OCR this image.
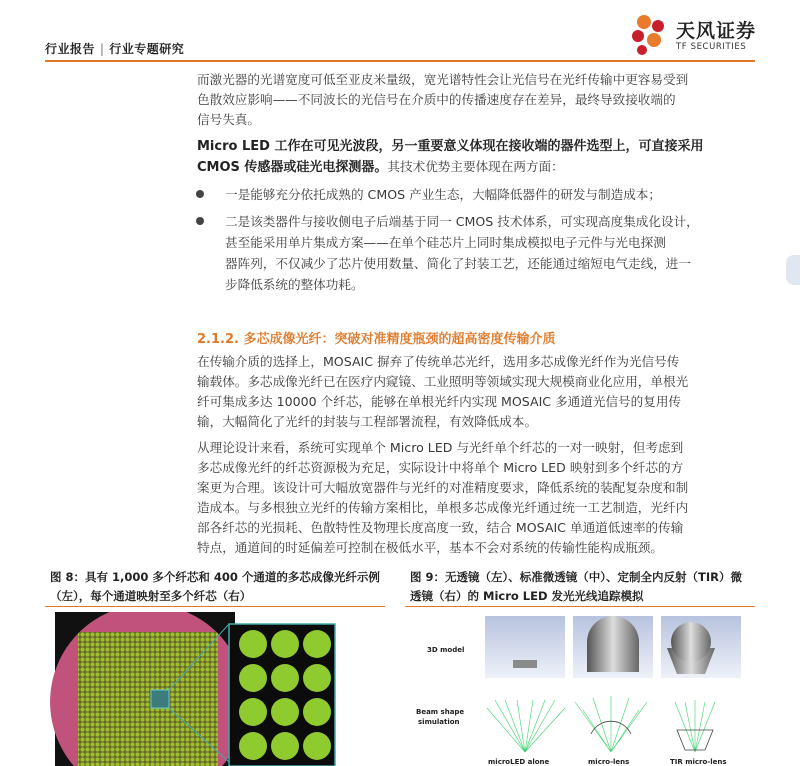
行业报告 | 行业专题研究
天风证券
TF SECURITIES
而激光器的光谱宽度可低至亚皮米量级，宽光谱特性会让光信号在光纤传输中更容易受到
色散效应影响——不同波长的光信号在介质中的传播速度存在差异，最终导致接收端的
信号失真。
Micro LED 工作在可见光波段，另一重要意义体现在接收端的器件选型上，可直接采用
CMOS 传感器或硅光电探测器。其技术优势主要体现在两方面：
一是能够充分依托成熟的 CMOS 产业生态，大幅降低器件的研发与制造成本；
二是该类器件与接收侧电子后端基于同一 CMOS 技术体系，可实现高度集成化设计，
甚至能采用单片集成方案——在单个硅芯片上同时集成模拟电子元件与光电探测
器阵列，不仅减少了芯片使用数量、简化了封装工艺，还能通过缩短电气走线，进一
步降低系统的整体功耗。
2.1.2. 多芯成像光纤：突破对准精度瓶颈的超高密度传输介质
在传输介质的选择上，MOSAIC 摒弃了传统单芯光纤，选用多芯成像光纤作为光信号传
输载体。多芯成像光纤已在医疗内窥镜、工业照明等领域实现大规模商业化应用，单根光
纤可集成多达 10000 个纤芯，能够在单根光纤内实现 MOSAIC 多通道光信号的复用传
输，大幅简化了光纤的封装与工程部署流程，有效降低成本。
从理论设计来看，系统可实现单个 Micro LED 与光纤单个纤芯的一对一映射，但考虑到
多芯成像光纤的纤芯资源极为充足，实际设计中将单个 Micro LED 映射到多个纤芯的方
案更为合理。该设计可大幅放宽器件与光纤的对准精度要求，降低系统的装配复杂度和制
造成本。与多根独立光纤的传输方案相比，单根多芯成像光纤通过统一工艺制造，光纤内
部各纤芯的光损耗、色散特性及物理长度高度一致，结合 MOSAIC 单通道低速率的传输
特点，通道间的时延偏差可控制在极低水平，基本不会对系统的传输性能构成瓶颈。
图 8：具有 1,000 多个纤芯和 400 个通道的多芯成像光纤示例
（左），每个通道映射至多个纤芯（右）
图 9：无透镜（左）、标准微透镜（中）、定制全内反射（TIR）微
透镜（右）的 Micro LED 发光光线追踪模拟
3D model
Beam shape
simulation
microLED alone	micro-lens	TIR micro-lens
